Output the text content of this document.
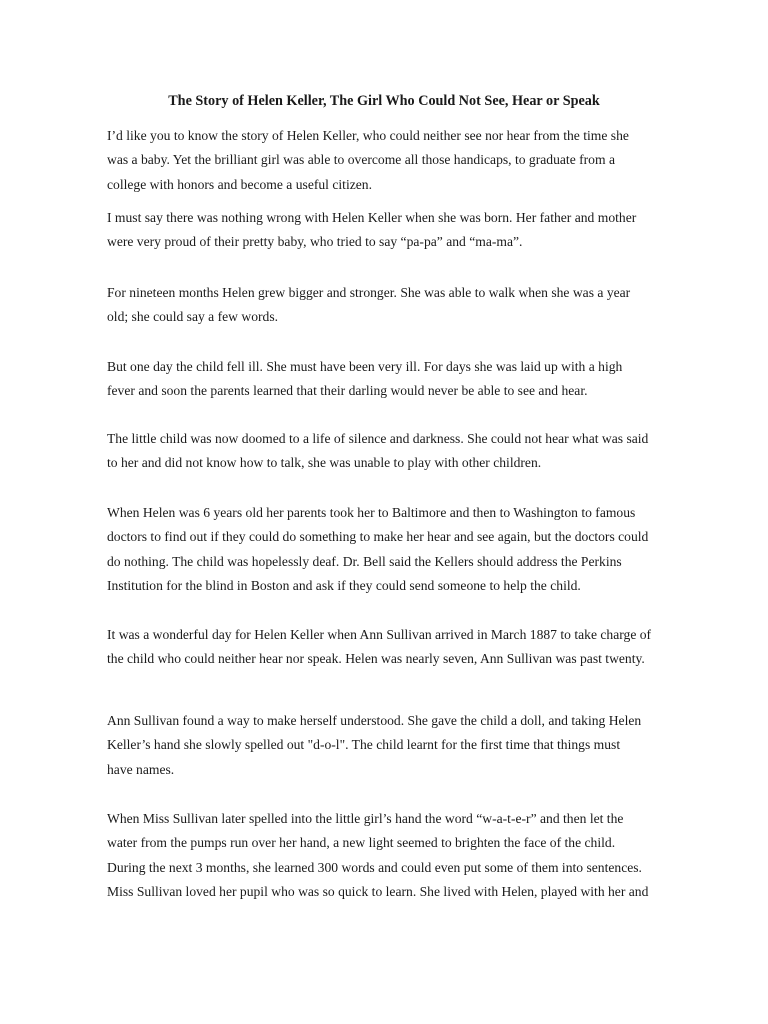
The Story of Helen Keller, The Girl Who Could Not See, Hear or Speak

I’d like you to know the story of Helen Keller, who could neither see nor hear from the time she
was a baby. Yet the brilliant girl was able to overcome all those handicaps, to graduate from a
college with honors and become a useful citizen.

I must say there was nothing wrong with Helen Keller when she was born. Her father and mother
were very proud of their pretty baby, who tried to say “pa-pa” and “ma-ma”.

For nineteen months Helen grew bigger and stronger. She was able to walk when she was a year
old; she could say a few words.

But one day the child fell ill. She must have been very ill. For days she was laid up with a high
fever and soon the parents learned that their darling would never be able to see and hear.

The little child was now doomed to a life of silence and darkness. She could not hear what was said
to her and did not know how to talk, she was unable to play with other children.

When Helen was 6 years old her parents took her to Baltimore and then to Washington to famous
doctors to find out if they could do something to make her hear and see again, but the doctors could
do nothing. The child was hopelessly deaf. Dr. Bell said the Kellers should address the Perkins
Institution for the blind in Boston and ask if they could send someone to help the child.

It was a wonderful day for Helen Keller when Ann Sullivan arrived in March 1887 to take charge of
the child who could neither hear nor speak. Helen was nearly seven, Ann Sullivan was past twenty.

Ann Sullivan found a way to make herself understood. She gave the child a doll, and taking Helen
Keller’s hand she slowly spelled out "d-o-l". The child learnt for the first time that things must
have names.

When Miss Sullivan later spelled into the little girl’s hand the word “w-a-t-e-r” and then let the
water from the pumps run over her hand, a new light seemed to brighten the face of the child.
During the next 3 months, she learned 300 words and could even put some of them into sentences.
Miss Sullivan loved her pupil who was so quick to learn. She lived with Helen, played with her and
